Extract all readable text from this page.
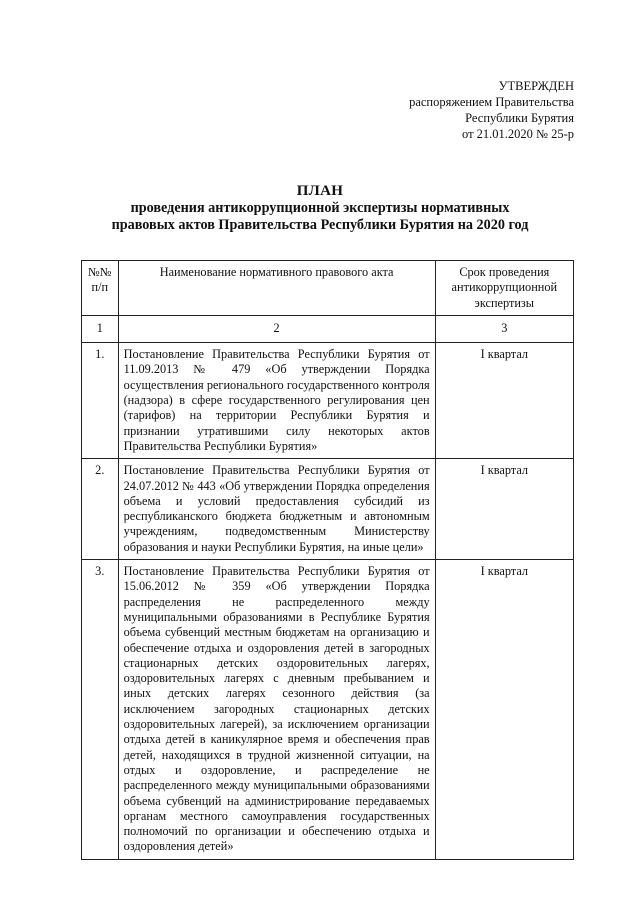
УТВЕРЖДЕН
распоряжением Правительства
Республики Бурятия
от 21.01.2020 № 25-р
ПЛАН
проведения антикоррупционной экспертизы нормативных
правовых актов Правительства Республики Бурятия на 2020 год
№№ п/п	Наименование нормативного правового акта	Срок проведения антикоррупционной экспертизы
1	2	3
1.	Постановление Правительства Республики Бурятия от 11.09.2013 № 479 «Об утверждении Порядка осуществления регионального государственного контроля (надзора) в сфере государственного регулирования цен (тарифов) на территории Республики Бурятия и признании утратившими силу некоторых актов Правительства Республики Бурятия»	I квартал
2.	Постановление Правительства Республики Бурятия от 24.07.2012 № 443 «Об утверждении Порядка определения объема и условий предоставления субсидий из республиканского бюджета бюджетным и автономным учреждениям, подведомственным Министерству образования и науки Республики Бурятия, на иные цели»	I квартал
3.	Постановление Правительства Республики Бурятия от 15.06.2012 № 359 «Об утверждении Порядка распределения не распределенного между муниципальными образованиями в Республике Бурятия объема субвенций местным бюджетам на организацию и обеспечение отдыха и оздоровления детей в загородных стационарных детских оздоровительных лагерях, оздоровительных лагерях с дневным пребыванием и иных детских лагерях сезонного действия (за исключением загородных стационарных детских оздоровительных лагерей), за исключением организации отдыха детей в каникулярное время и обеспечения прав детей, находящихся в трудной жизненной ситуации, на отдых и оздоровление, и распределение не распределенного между муниципальными образованиями объема субвенций на администрирование передаваемых органам местного самоуправления государственных полномочий по организации и обеспечению отдыха и оздоровления детей»	I квартал
